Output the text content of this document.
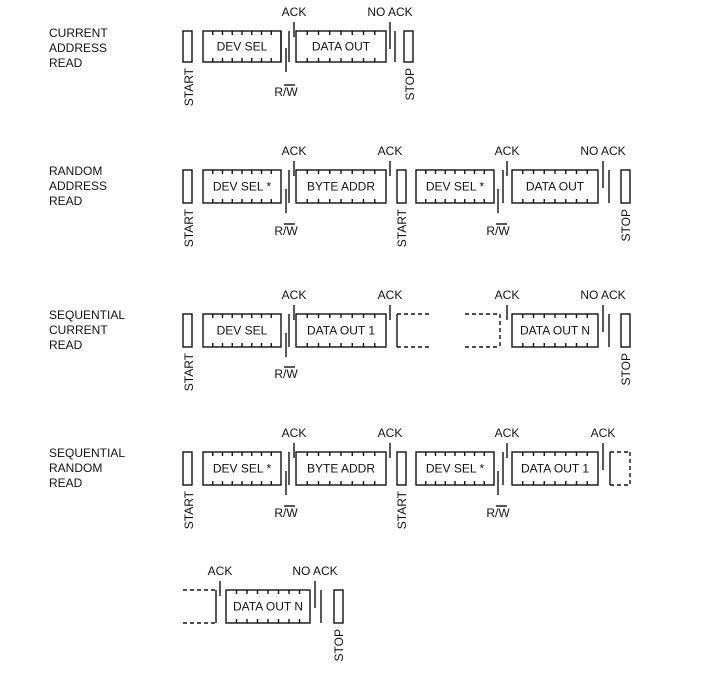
CURRENT
ADDRESS
READ
DEV SEL	DATA OUT
ACK	NO ACK
START	STOP
R/W
RANDOM
ADDRESS
READ
DEV SEL *	BYTE ADDR	DEV SEL *	DATA OUT
ACK	ACK	ACK	NO ACK
START	START	STOP
R/W	R/W
SEQUENTIAL
CURRENT
READ
DEV SEL	DATA OUT 1	DATA OUT N
ACK	ACK	ACK	NO ACK
START	STOP
R/W
SEQUENTIAL
RANDOM
READ
DEV SEL *	BYTE ADDR	DEV SEL *	DATA OUT 1
ACK	ACK	ACK	ACK
START	START
R/W	R/W
DATA OUT N
ACK	NO ACK
STOP
